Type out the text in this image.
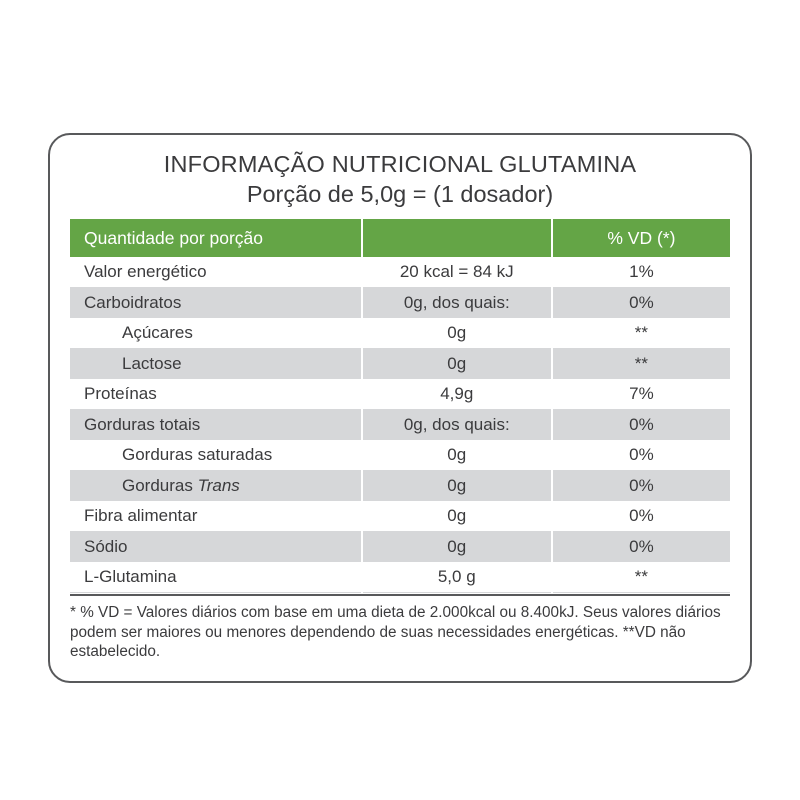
INFORMAÇÃO NUTRICIONAL GLUTAMINA
Porção de 5,0g = (1 dosador)
Quantidade por porção		% VD (*)
Valor energético	20 kcal = 84 kJ	1%
Carboidratos	0g, dos quais:	0%
Açúcares	0g	**
Lactose	0g	**
Proteínas	4,9g	7%
Gorduras totais	0g, dos quais:	0%
Gorduras saturadas	0g	0%
Gorduras Trans	0g	0%
Fibra alimentar	0g	0%
Sódio	0g	0%
L-Glutamina	5,0 g	**
* % VD = Valores diários com base em uma dieta de 2.000kcal ou 8.400kJ. Seus valores diários podem ser maiores ou menores dependendo de suas necessidades energéticas. **VD não estabelecido.
